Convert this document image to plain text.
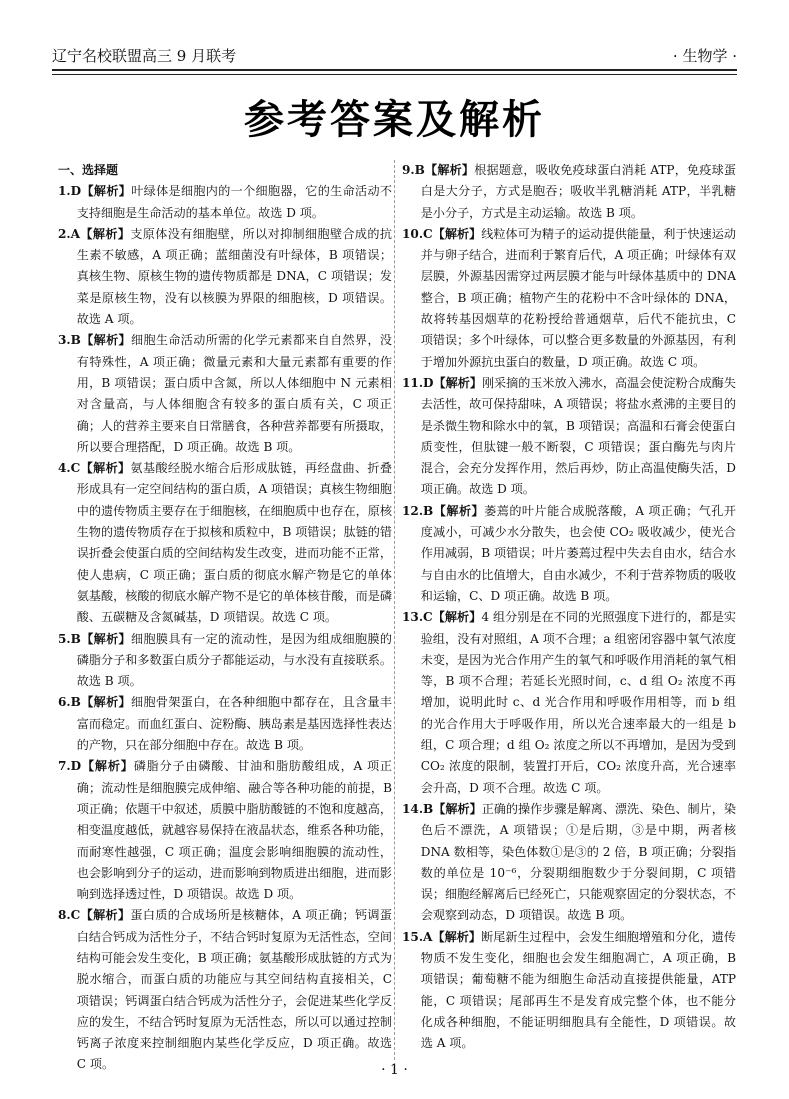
辽宁名校联盟高三 9 月联考	· 生物学 ·
参考答案及解析
一、选择题

1.D【解析】叶绿体是细胞内的一个细胞器，它的生命活动不支持细胞是生命活动的基本单位。故选 D 项。

2.A【解析】支原体没有细胞壁，所以对抑制细胞壁合成的抗生素不敏感，A 项正确；蓝细菌没有叶绿体，B 项错误；真核生物、原核生物的遗传物质都是 DNA，C 项错误；发菜是原核生物，没有以核膜为界限的细胞核，D 项错误。故选 A 项。

3.B【解析】细胞生命活动所需的化学元素都来自自然界，没有特殊性，A 项正确；微量元素和大量元素都有重要的作用，B 项错误；蛋白质中含氮，所以人体细胞中 N 元素相对含量高，与人体细胞含有较多的蛋白质有关，C 项正确；人的营养主要来自日常膳食，各种营养都要有所摄取，所以要合理搭配，D 项正确。故选 B 项。

4.C【解析】氨基酸经脱水缩合后形成肽链，再经盘曲、折叠形成具有一定空间结构的蛋白质，A 项错误；真核生物细胞中的遗传物质主要存在于细胞核，在细胞质中也存在，原核生物的遗传物质存在于拟核和质粒中，B 项错误；肽链的错误折叠会使蛋白质的空间结构发生改变，进而功能不正常，使人患病，C 项正确；蛋白质的彻底水解产物是它的单体氨基酸，核酸的彻底水解产物不是它的单体核苷酸，而是磷酸、五碳糖及含氮碱基，D 项错误。故选 C 项。

5.B【解析】细胞膜具有一定的流动性，是因为组成细胞膜的磷脂分子和多数蛋白质分子都能运动，与水没有直接联系。故选 B 项。

6.B【解析】细胞骨架蛋白，在各种细胞中都存在，且含量丰富而稳定。而血红蛋白、淀粉酶、胰岛素是基因选择性表达的产物，只在部分细胞中存在。故选 B 项。

7.D【解析】磷脂分子由磷酸、甘油和脂肪酸组成，A 项正确；流动性是细胞膜完成伸缩、融合等各种功能的前提，B 项正确；依题干中叙述，质膜中脂肪酸链的不饱和度越高，相变温度越低，就越容易保持在液晶状态，维系各种功能，而耐寒性越强，C 项正确；温度会影响细胞膜的流动性，也会影响到分子的运动，进而影响到物质进出细胞，进而影响到选择透过性，D 项错误。故选 D 项。

8.C【解析】蛋白质的合成场所是核糖体，A 项正确；钙调蛋白结合钙成为活性分子，不结合钙时复原为无活性态，空间结构可能会发生变化，B 项正确；氨基酸形成肽链的方式为脱水缩合，而蛋白质的功能应与其空间结构直接相关，C 项错误；钙调蛋白结合钙成为活性分子，会促进某些化学反应的发生，不结合钙时复原为无活性态，所以可以通过控制钙离子浓度来控制细胞内某些化学反应，D 项正确。故选 C 项。

9.B【解析】根据题意，吸收免疫球蛋白消耗 ATP，免疫球蛋白是大分子，方式是胞吞；吸收半乳糖消耗 ATP，半乳糖是小分子，方式是主动运输。故选 B 项。

10.C【解析】线粒体可为精子的运动提供能量，利于快速运动并与卵子结合，进而利于繁育后代，A 项正确；叶绿体有双层膜，外源基因需穿过两层膜才能与叶绿体基质中的 DNA 整合，B 项正确；植物产生的花粉中不含叶绿体的 DNA，故将转基因烟草的花粉授给普通烟草，后代不能抗虫，C 项错误；多个叶绿体，可以整合更多数量的外源基因，有利于增加外源抗虫蛋白的数量，D 项正确。故选 C 项。

11.D【解析】刚采摘的玉米放入沸水，高温会使淀粉合成酶失去活性，故可保持甜味，A 项错误；将盐水煮沸的主要目的是杀微生物和除水中的氧，B 项错误；高温和石膏会使蛋白质变性，但肽键一般不断裂，C 项错误；蛋白酶先与肉片混合，会充分发挥作用，然后再炒，防止高温使酶失活，D 项正确。故选 D 项。

12.B【解析】萎蔫的叶片能合成脱落酸，A 项正确；气孔开度减小，可减少水分散失，也会使 CO₂ 吸收减少，使光合作用减弱，B 项错误；叶片萎蔫过程中失去自由水，结合水与自由水的比值增大，自由水减少，不利于营养物质的吸收和运输，C、D 项正确。故选 B 项。

13.C【解析】4 组分别是在不同的光照强度下进行的，都是实验组，没有对照组，A 项不合理；a 组密闭容器中氧气浓度未变，是因为光合作用产生的氧气和呼吸作用消耗的氧气相等，B 项不合理；若延长光照时间，c、d 组 O₂ 浓度不再增加，说明此时 c、d 光合作用和呼吸作用相等，而 b 组的光合作用大于呼吸作用，所以光合速率最大的一组是 b 组，C 项合理；d 组 O₂ 浓度之所以不再增加，是因为受到 CO₂ 浓度的限制，装置打开后，CO₂ 浓度升高，光合速率会升高，D 项不合理。故选 C 项。

14.B【解析】正确的操作步骤是解离、漂洗、染色、制片，染色后不漂洗，A 项错误；①是后期，③是中期，两者核 DNA 数相等，染色体数①是③的 2 倍，B 项正确；分裂指数的单位是 10⁻⁶，分裂期细胞数少于分裂间期，C 项错误；细胞经解离后已经死亡，只能观察固定的分裂状态，不会观察到动态，D 项错误。故选 B 项。

15.A【解析】断尾新生过程中，会发生细胞增殖和分化，遗传物质不发生变化，细胞也会发生细胞凋亡，A 项正确，B 项错误；葡萄糖不能为细胞生命活动直接提供能量，ATP 能，C 项错误；尾部再生不是发育成完整个体，也不能分化成各种细胞，不能证明细胞具有全能性，D 项错误。故选 A 项。

· 1 ·
